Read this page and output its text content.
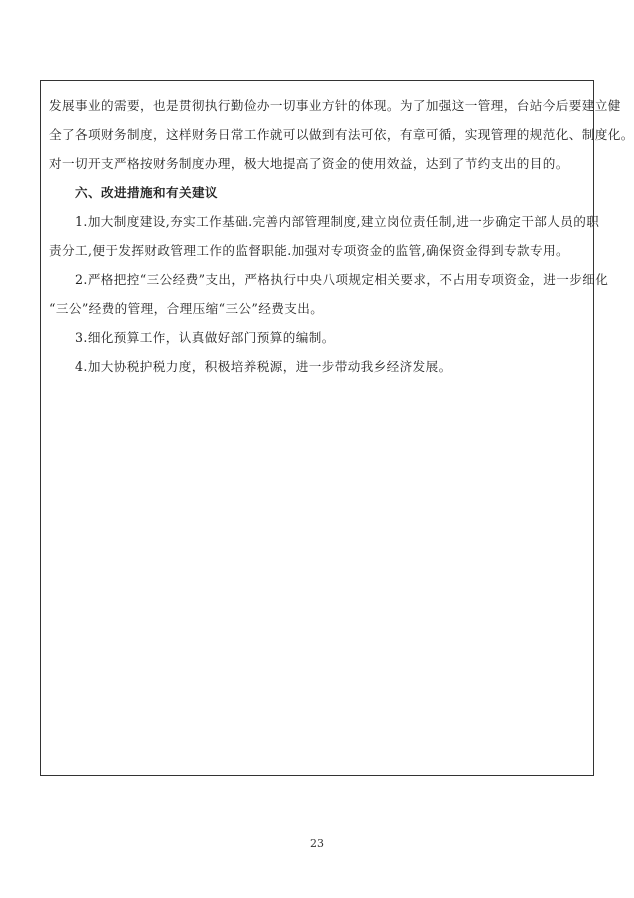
发展事业的需要，也是贯彻执行勤俭办一切事业方针的体现。为了加强这一管理，台站今后要建立健
全了各项财务制度，这样财务日常工作就可以做到有法可依，有章可循，实现管理的规范化、制度化。
对一切开支严格按财务制度办理，极大地提高了资金的使用效益，达到了节约支出的目的。
六、改进措施和有关建议
1.加大制度建设,夯实工作基础.完善内部管理制度,建立岗位责任制,进一步确定干部人员的职
责分工,便于发挥财政管理工作的监督职能.加强对专项资金的监管,确保资金得到专款专用。
2.严格把控“三公经费”支出，严格执行中央八项规定相关要求，不占用专项资金，进一步细化
“三公”经费的管理，合理压缩“三公”经费支出。
3.细化预算工作，认真做好部门预算的编制。
4.加大协税护税力度，积极培养税源，进一步带动我乡经济发展。
23
